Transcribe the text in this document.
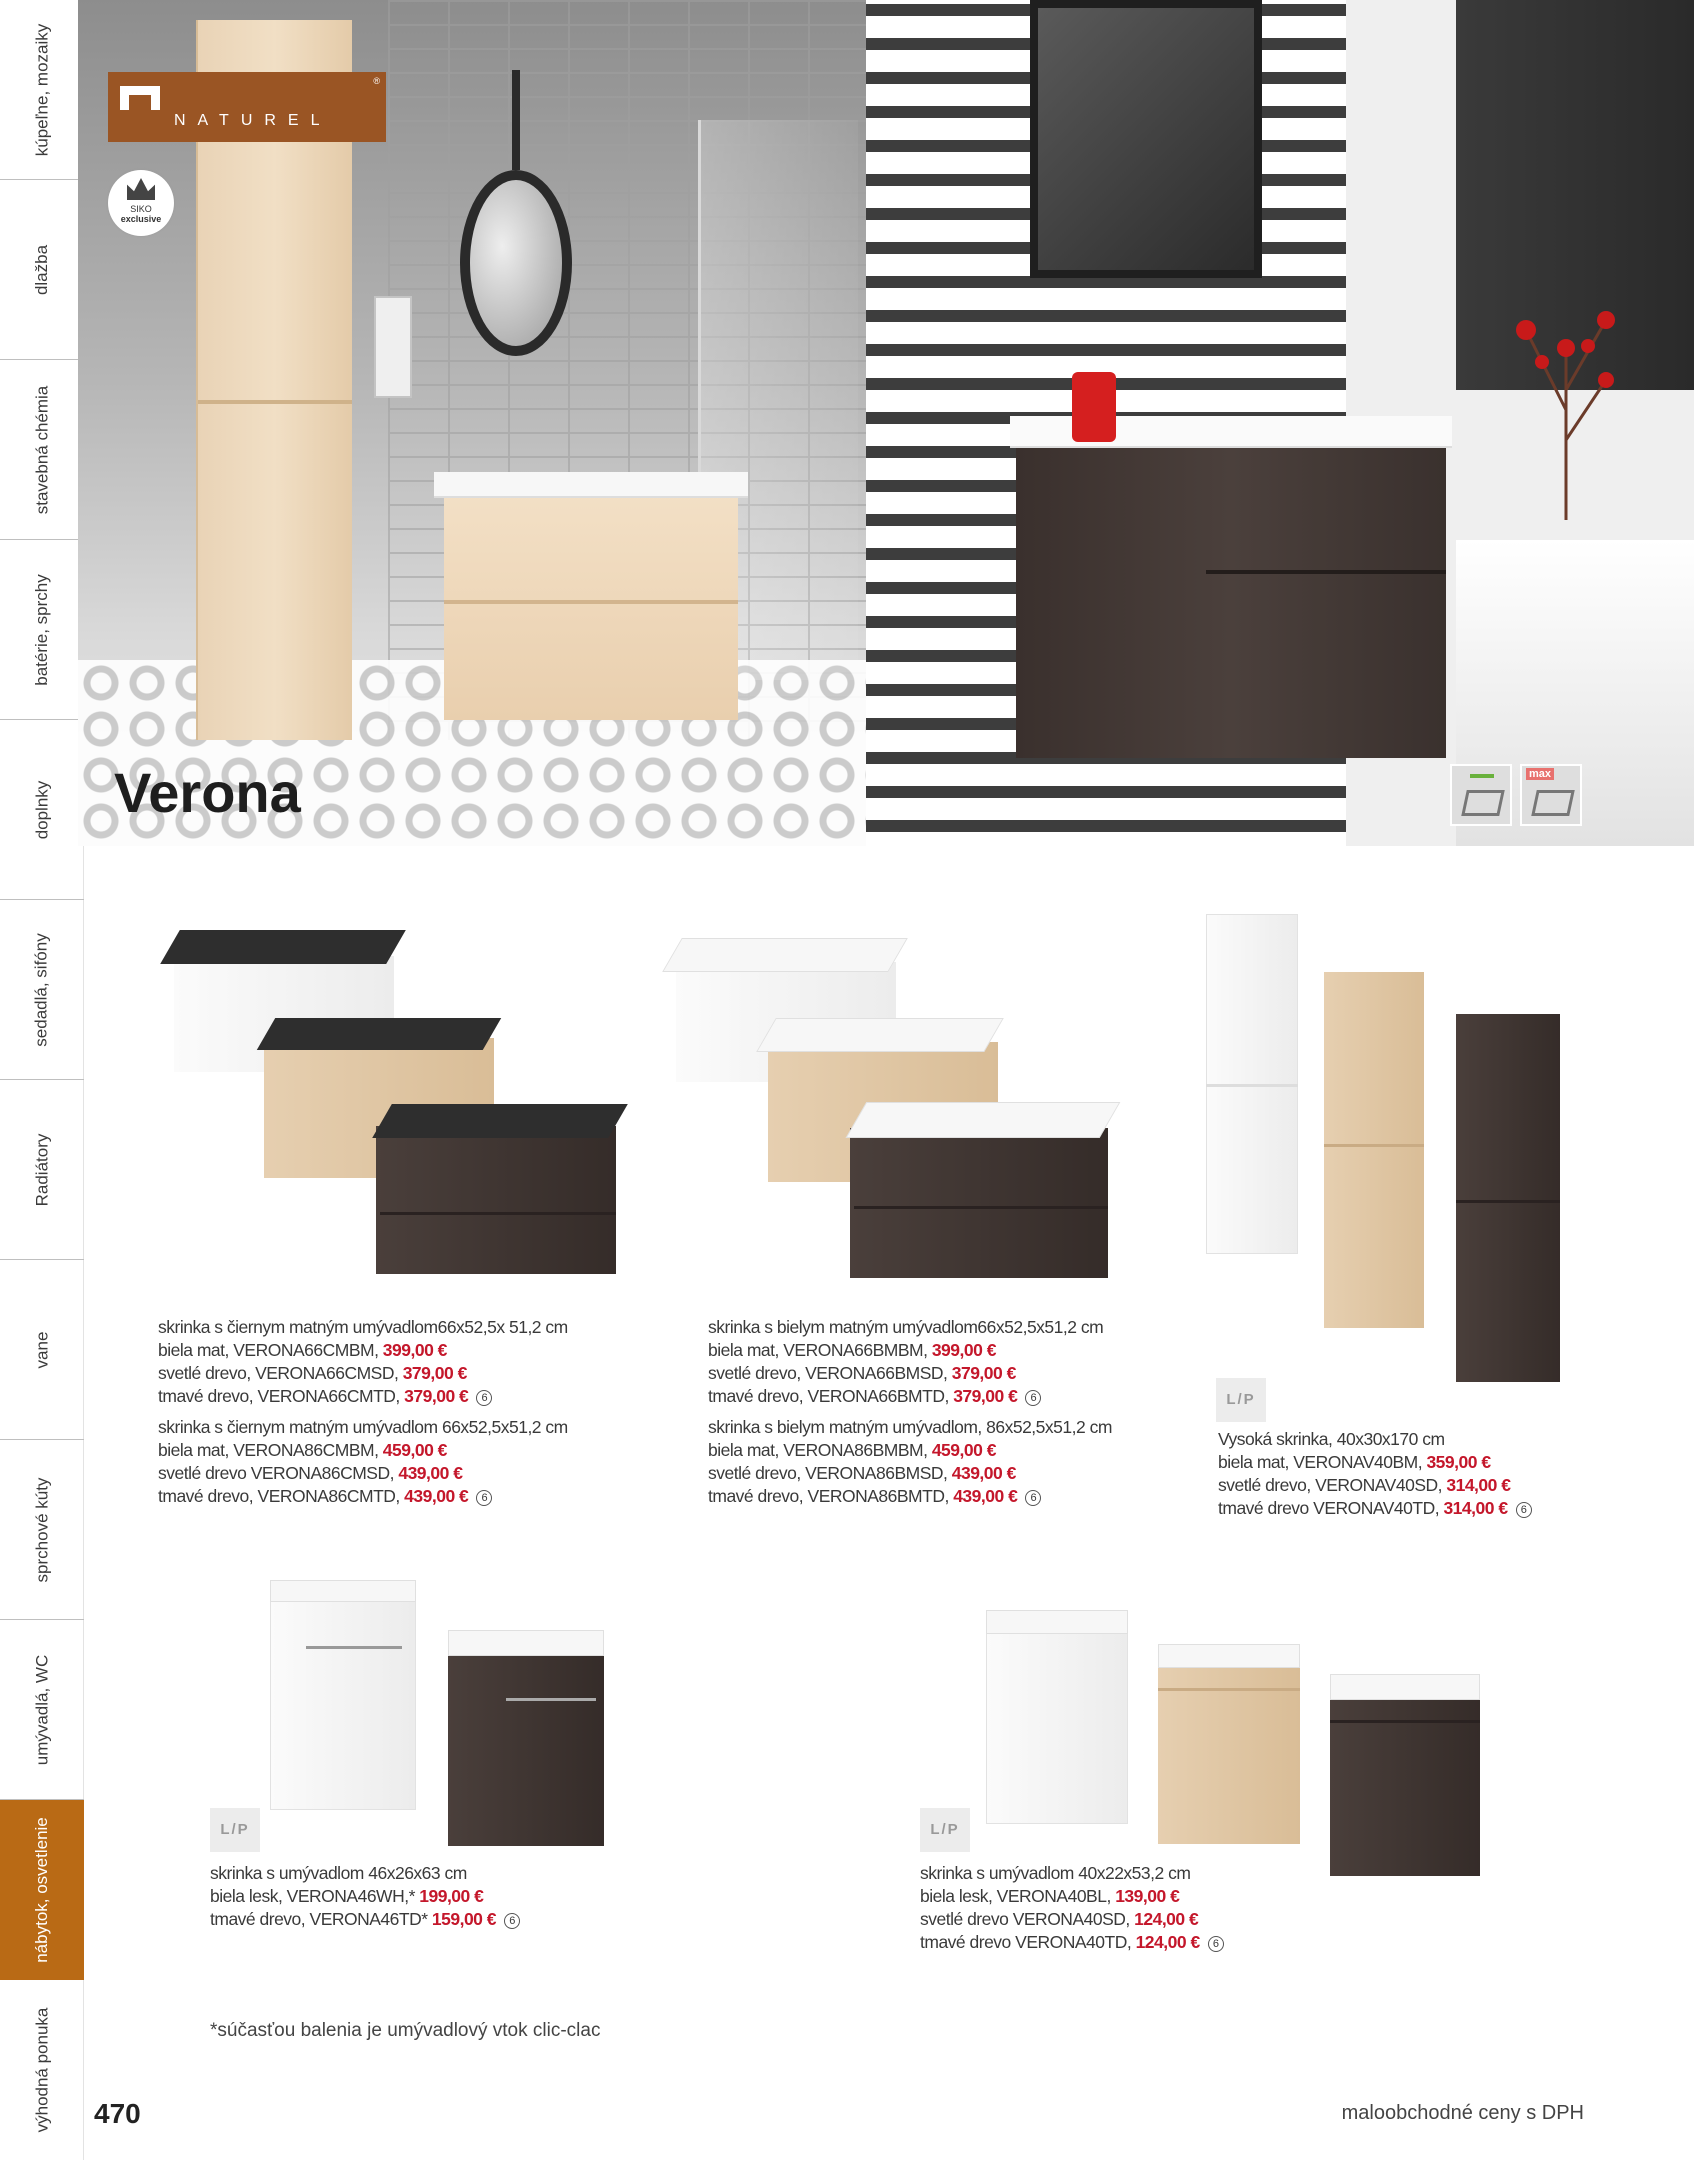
kúpeľne, mozaiky
dlažba
stavebná chémia
batérie, sprchy
doplnky
sedadlá, sifóny
Radiátory
vane
sprchové kúty
umývadlá, WC
nábytok, osvetlenie
výhodná ponuka
Verona	max
NATUREL
®
SIKO
exclusive
L/P
L/P	L/P

skrinka s čiernym matným umývadlom66x52,5x 51,2 cm

biela mat, VERONA66CMBM, 399,00 €

svetlé drevo, VERONA66CMSD, 379,00 €

tmavé drevo, VERONA66CMTD, 379,00 € 6

skrinka s čiernym matným umývadlom 66x52,5x51,2 cm

biela mat, VERONA86CMBM, 459,00 €

svetlé drevo VERONA86CMSD, 439,00 €

tmavé drevo, VERONA86CMTD, 439,00 € 6

skrinka s bielym matným umývadlom66x52,5x51,2 cm

biela mat, VERONA66BMBM, 399,00 €

svetlé drevo, VERONA66BMSD, 379,00 €

tmavé drevo, VERONA66BMTD, 379,00 € 6

skrinka s bielym matným umývadlom, 86x52,5x51,2 cm

biela mat, VERONA86BMBM, 459,00 €

svetlé drevo, VERONA86BMSD, 439,00 €

tmavé drevo, VERONA86BMTD, 439,00 € 6

Vysoká skrinka, 40x30x170 cm

biela mat, VERONAV40BM, 359,00 €

svetlé drevo, VERONAV40SD, 314,00 €

tmavé drevo VERONAV40TD, 314,00 € 6

skrinka s umývadlom 46x26x63 cm

biela lesk, VERONA46WH,* 199,00 €

tmavé drevo, VERONA46TD* 159,00 € 6

skrinka s umývadlom 40x22x53,2 cm

biela lesk, VERONA40BL, 139,00 €

svetlé drevo VERONA40SD, 124,00 €

tmavé drevo VERONA40TD, 124,00 € 6

*súčasťou balenia je umývadlový vtok clic-clac
470	maloobchodné ceny s DPH
